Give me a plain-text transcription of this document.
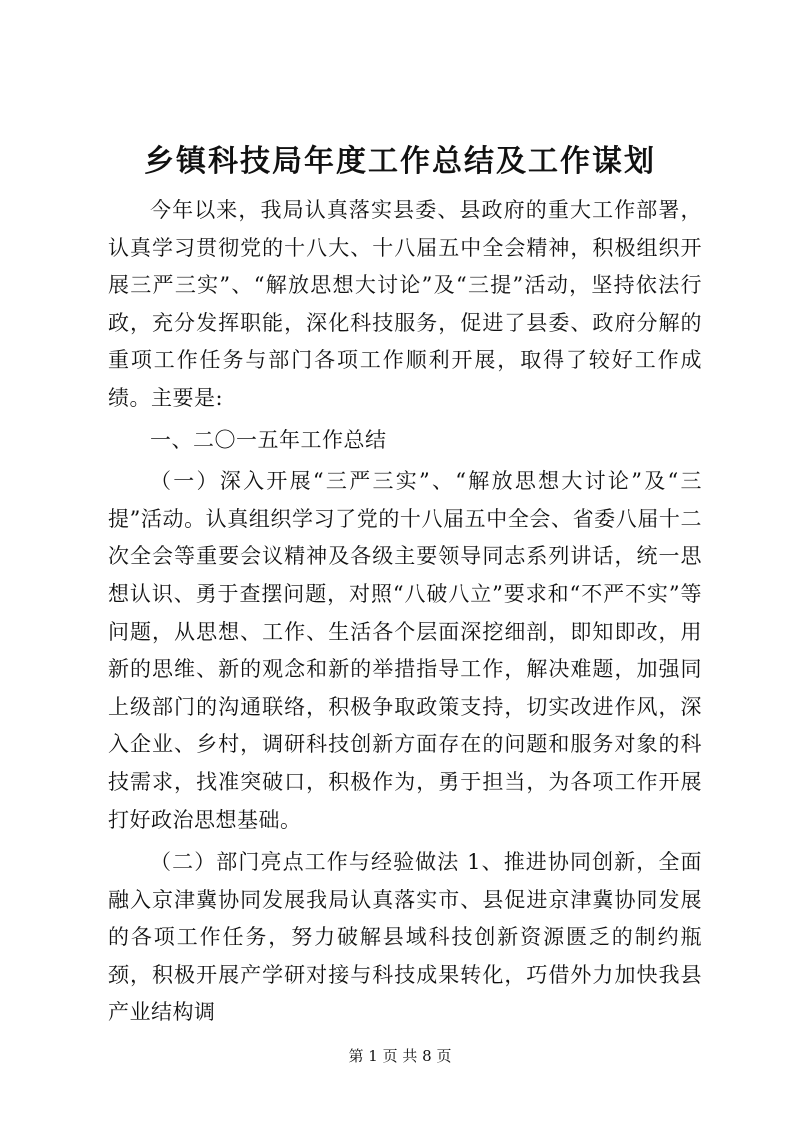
乡镇科技局年度工作总结及工作谋划

今年以来，我局认真落实县委、县政府的重大工作部署，认真学习贯彻党的十八大、十八届五中全会精神，积极组织开展三严三实”、“解放思想大讨论”及“三提”活动，坚持依法行政，充分发挥职能，深化科技服务，促进了县委、政府分解的重项工作任务与部门各项工作顺利开展，取得了较好工作成绩。主要是:

一、二〇一五年工作总结

（一）深入开展“三严三实”、“解放思想大讨论”及“三提”活动。认真组织学习了党的十八届五中全会、省委八届十二次全会等重要会议精神及各级主要领导同志系列讲话，统一思想认识、勇于查摆问题，对照“八破八立”要求和“不严不实”等问题，从思想、工作、生活各个层面深挖细剖，即知即改，用新的思维、新的观念和新的举措指导工作，解决难题，加强同上级部门的沟通联络，积极争取政策支持，切实改进作风，深入企业、乡村，调研科技创新方面存在的问题和服务对象的科技需求，找准突破口，积极作为，勇于担当，为各项工作开展打好政治思想基础。

（二）部门亮点工作与经验做法 1、推进协同创新，全面融入京津冀协同发展我局认真落实市、县促进京津冀协同发展的各项工作任务，努力破解县域科技创新资源匮乏的制约瓶颈，积极开展产学研对接与科技成果转化，巧借外力加快我县产业结构调

第 1 页 共 8 页
